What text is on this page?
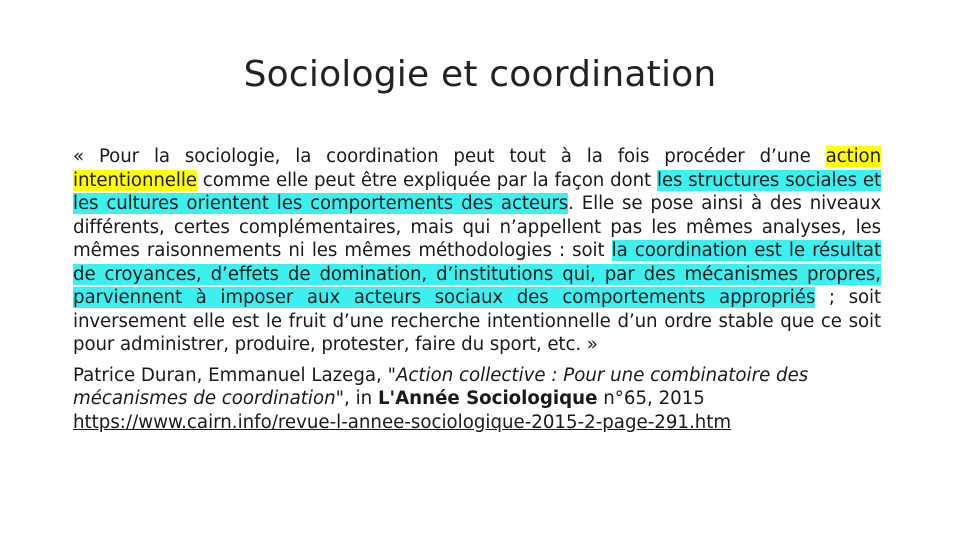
Sociologie et coordination

« Pour la sociologie, la coordination peut tout à la fois procéder d’une action intentionnelle comme elle peut être expliquée par la façon dont les structures sociales et les cultures orientent les comportements des acteurs. Elle se pose ainsi à des niveaux différents, certes complémentaires, mais qui n’appellent pas les mêmes analyses, les mêmes raisonnements ni les mêmes méthodologies : soit la coordination est le résultat de croyances, d’effets de domination, d’institutions qui, par des mécanismes propres, parviennent à imposer aux acteurs sociaux des comportements appropriés ; soit inversement elle est le fruit d’une recherche intentionnelle d’un ordre stable que ce soit pour administrer, produire, protester, faire du sport, etc. »

Patrice Duran, Emmanuel Lazega, "Action collective : Pour une combinatoire des mécanismes de coordination", in L'Année Sociologique n°65, 2015
https://www.cairn.info/revue-l-annee-sociologique-2015-2-page-291.htm
